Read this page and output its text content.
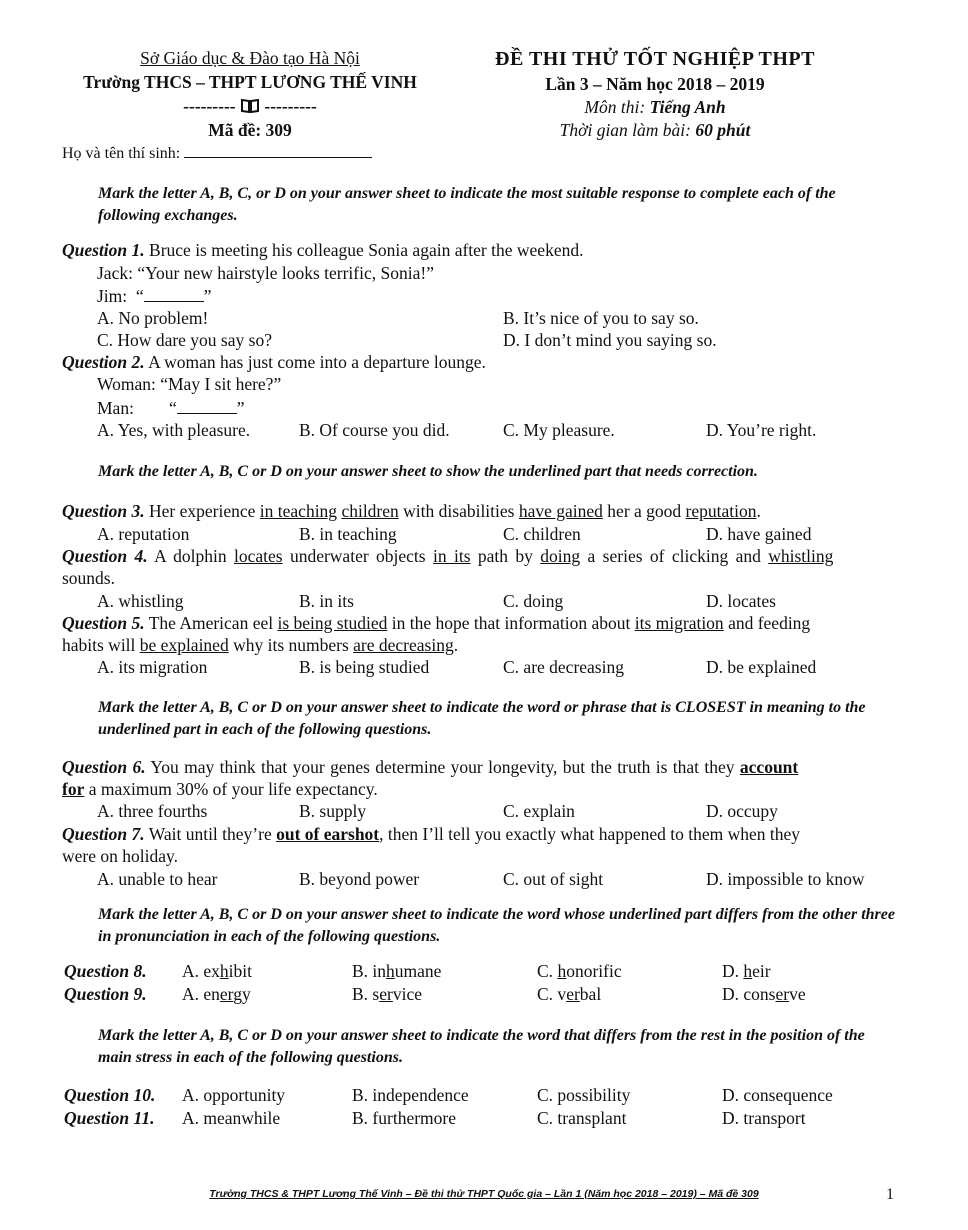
Sở Giáo dục & Đào tạo Hà Nội
Trường THCS – THPT LƯƠNG THẾ VINH
--------- ---------
Mã đề: 309
ĐỀ THI THỬ TỐT NGHIỆP THPT
Lần 3 – Năm học 2018 – 2019
Môn thi: Tiếng Anh
Thời gian làm bài: 60 phút
Họ và tên thí sinh:
Mark the letter A, B, C, or D on your answer sheet to indicate the most suitable response to complete each of the following exchanges.
Question 1. Bruce is meeting his colleague Sonia again after the weekend.
Jack: “Your new hairstyle looks terrific, Sonia!”
Jim: “	”
A. No problem!	B. It’s nice of you to say so.
C. How dare you say so?	D. I don’t mind you saying so.
Question 2. A woman has just come into a departure lounge.
Woman: “May I sit here?”
Man: “	”
A. Yes, with pleasure.	B. Of course you did.	C. My pleasure.	D. You’re right.
Mark the letter A, B, C or D on your answer sheet to show the underlined part that needs correction.
Question 3. Her experience in teaching children with disabilities have gained her a good reputation.
A. reputation	B. in teaching	C. children	D. have gained
Question 4. A dolphin locates underwater objects in its path by doing a series of clicking and whistling
sounds.
A. whistling	B. in its	C. doing	D. locates
Question 5. The American eel is being studied in the hope that information about its migration and feeding
habits will be explained why its numbers are decreasing.
A. its migration	B. is being studied	C. are decreasing	D. be explained
Mark the letter A, B, C or D on your answer sheet to indicate the word or phrase that is CLOSEST in meaning to the underlined part in each of the following questions.
Question 6. You may think that your genes determine your longevity, but the truth is that they account
for a maximum 30% of your life expectancy.
A. three fourths	B. supply	C. explain	D. occupy
Question 7. Wait until they’re out of earshot, then I’ll tell you exactly what happened to them when they
were on holiday.
A. unable to hear	B. beyond power	C. out of sight	D. impossible to know
Mark the letter A, B, C or D on your answer sheet to indicate the word whose underlined part differs from the other three in pronunciation in each of the following questions.
Question 8. A. exhibit	B. inhumane	C. honorific	D. heir
Question 9. A. energy	B. service	C. verbal	D. conserve
Mark the letter A, B, C or D on your answer sheet to indicate the word that differs from the rest in the position of the main stress in each of the following questions.
Question 10. A. opportunity	B. independence	C. possibility	D. consequence
Question 11. A. meanwhile	B. furthermore	C. transplant	D. transport
Trường THCS & THPT Lương Thế Vinh – Đề thi thử THPT Quốc gia – Lần 1 (Năm học 2018 – 2019) – Mã đề 309	1
